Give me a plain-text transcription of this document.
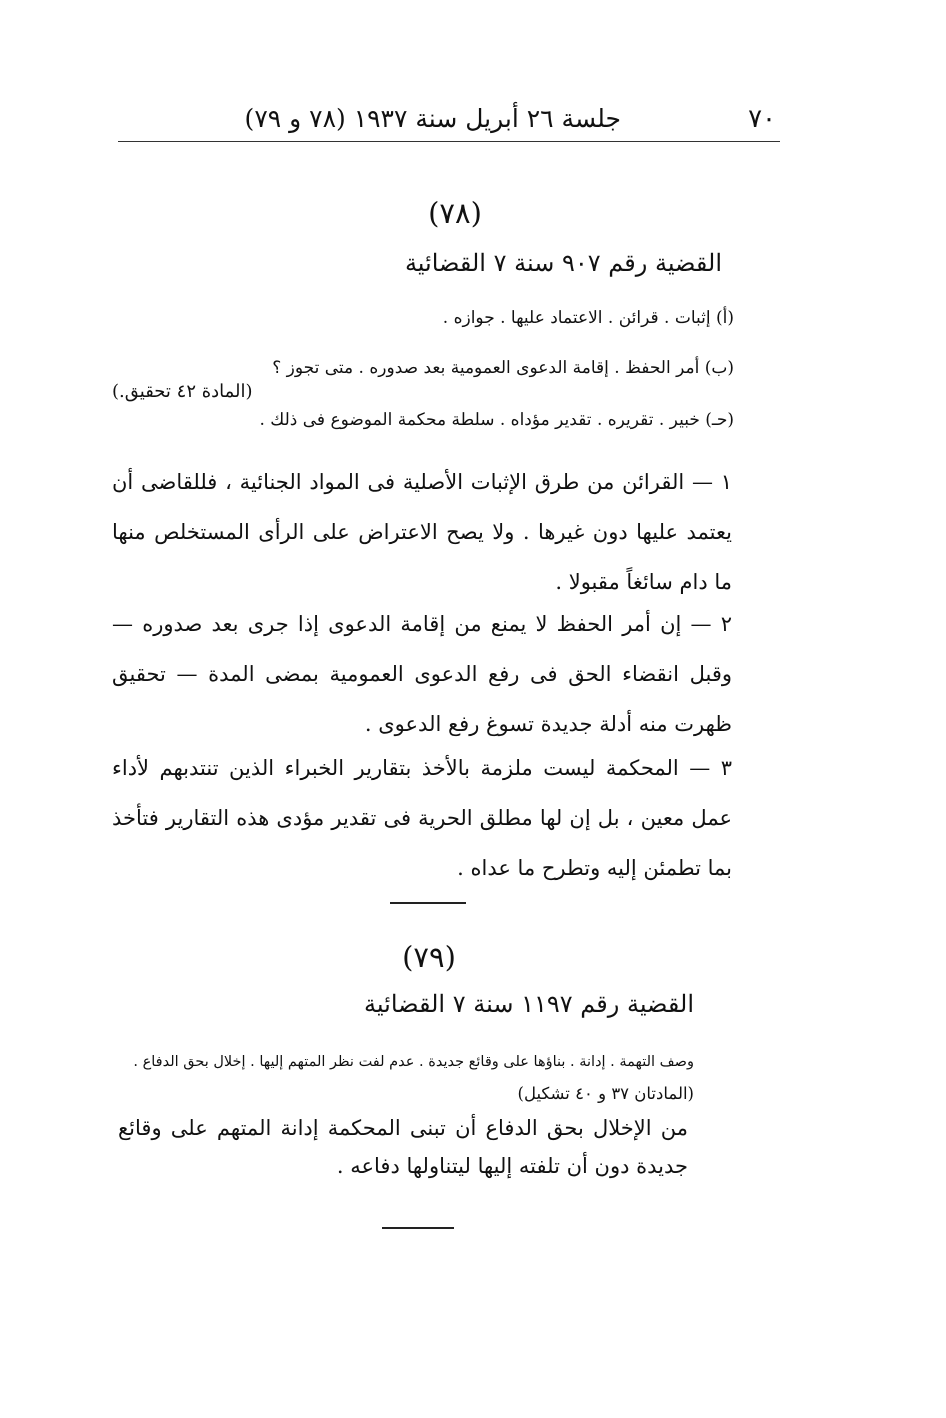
٧٠
جلسة ٢٦ أبريل سنة ١٩٣٧ (٧٨ و ٧٩)
(٧٨)
القضية رقم ٩٠٧ سنة ٧ القضائية
(أ) إثبات . قرائن . الاعتماد عليها . جوازه .
(ب) أمر الحفظ . إقامة الدعوى العمومية بعد صدوره . متى تجوز ؟
(حـ) خبير . تقريره . تقدير مؤداه . سلطة محكمة الموضوع فى ذلك .
(المادة ٤٢ تحقيق.)

١ — القرائن من طرق الإثبات الأصلية فى المواد الجنائية ، فللقاضى أن يعتمد عليها دون غيرها . ولا يصح الاعتراض على الرأى المستخلص منها ما دام سائغاً مقبولا .

٢ — إن أمر الحفظ لا يمنع من إقامة الدعوى إذا جرى بعد صدوره — وقبل انقضاء الحق فى رفع الدعوى العمومية بمضى المدة — تحقيق ظهرت منه أدلة جديدة تسوغ رفع الدعوى .

٣ — المحكمة ليست ملزمة بالأخذ بتقارير الخبراء الذين تنتدبهم لأداء عمل معين ، بل إن لها مطلق الحرية فى تقدير مؤدى هذه التقارير فتأخذ بما تطمئن إليه وتطرح ما عداه .

(٧٩)
القضية رقم ١١٩٧ سنة ٧ القضائية
وصف التهمة . إدانة . بناؤها على وقائع جديدة . عدم لفت نظر المتهم إليها . إخلال بحق الدفاع .
(المادتان ٣٧ و ٤٠ تشكيل)

من الإخلال بحق الدفاع أن تبنى المحكمة إدانة المتهم على وقائع جديدة دون أن تلفته إليها ليتناولها دفاعه .
